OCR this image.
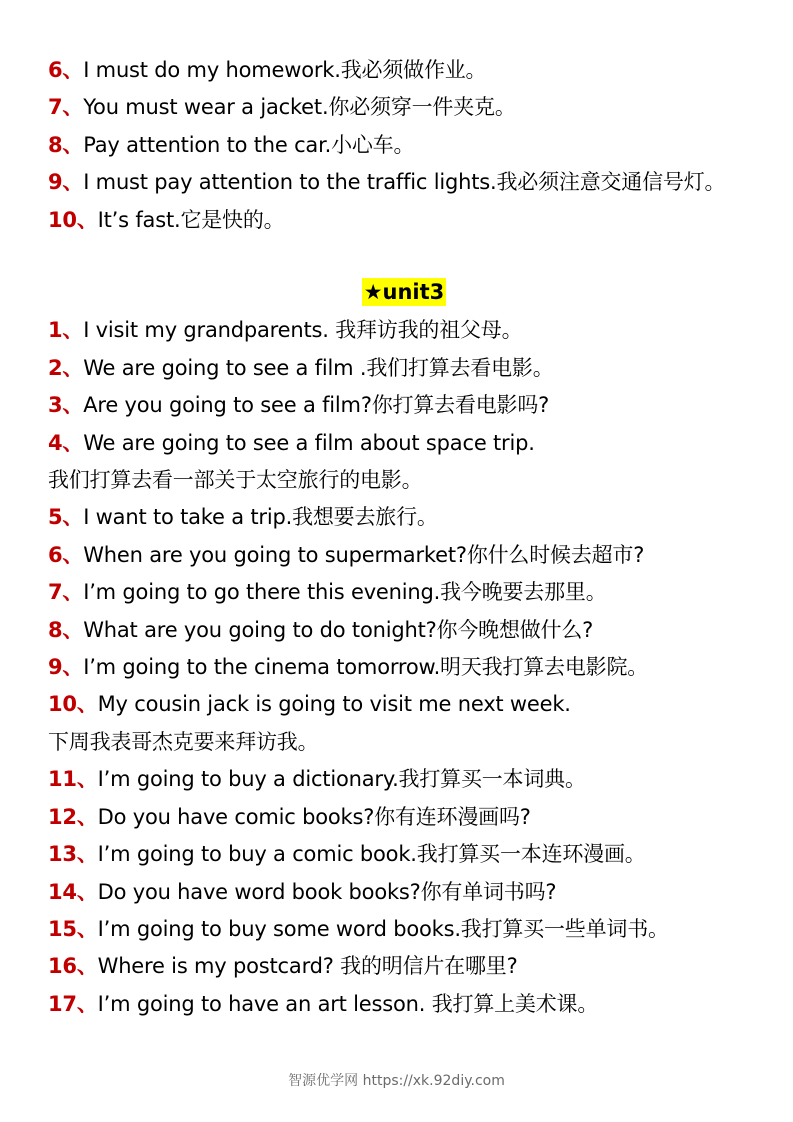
6、I must do my homework.我必须做作业。
7、You must wear a jacket.你必须穿一件夹克。
8、Pay attention to the car.小心车。
9、I must pay attention to the traffic lights.我必须注意交通信号灯。
10、It’s fast.它是快的。
★unit3
1、I visit my grandparents. 我拜访我的祖父母。
2、We are going to see a film .我们打算去看电影。
3、Are you going to see a film?你打算去看电影吗?
4、We are going to see a film about space trip.
我们打算去看一部关于太空旅行的电影。
5、I want to take a trip.我想要去旅行。
6、When are you going to supermarket?你什么时候去超市?
7、I’m going to go there this evening.我今晚要去那里。
8、What are you going to do tonight?你今晚想做什么?
9、I’m going to the cinema tomorrow.明天我打算去电影院。
10、My cousin jack is going to visit me next week.
下周我表哥杰克要来拜访我。
11、I’m going to buy a dictionary.我打算买一本词典。
12、Do you have comic books?你有连环漫画吗?
13、I’m going to buy a comic book.我打算买一本连环漫画。
14、Do you have word book books?你有单词书吗?
15、I’m going to buy some word books.我打算买一些单词书。
16、Where is my postcard? 我的明信片在哪里?
17、I’m going to have an art lesson. 我打算上美术课。
智源优学网 https://xk.92diy.com
